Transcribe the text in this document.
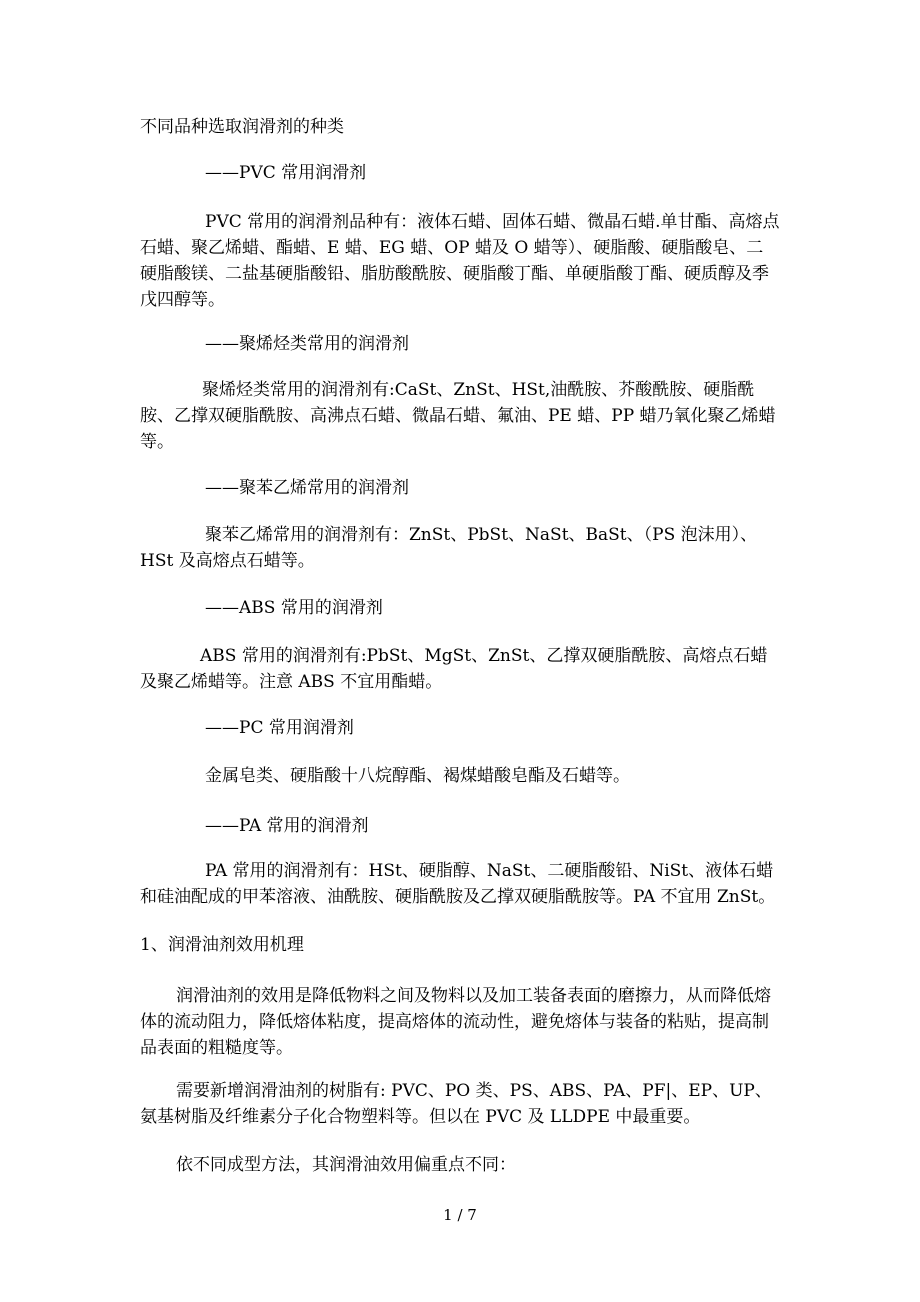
不同品种选取润滑剂的种类
——PVC 常用润滑剂
PVC 常用的润滑剂品种有：液体石蜡、固体石蜡、微晶石蜡.单甘酯、高熔点石蜡、聚乙烯蜡、酯蜡、E 蜡、EG 蜡、OP 蜡及 O 蜡等）、硬脂酸、硬脂酸皂、二硬脂酸镁、二盐基硬脂酸铅、脂肪酸酰胺、硬脂酸丁酯、单硬脂酸丁酯、硬质醇及季戊四醇等。
——聚烯烃类常用的润滑剂
聚烯烃类常用的润滑剂有:CaSt、ZnSt、HSt,油酰胺、芥酸酰胺、硬脂酰胺、乙撑双硬脂酰胺、高沸点石蜡、微晶石蜡、氟油、PE 蜡、PP 蜡乃氧化聚乙烯蜡等。
——聚苯乙烯常用的润滑剂
聚苯乙烯常用的润滑剂有：ZnSt、PbSt、NaSt、BaSt、（PS 泡沫用）、HSt 及高熔点石蜡等。
——ABS 常用的润滑剂
ABS 常用的润滑剂有:PbSt、MgSt、ZnSt、乙撑双硬脂酰胺、高熔点石蜡及聚乙烯蜡等。注意 ABS 不宜用酯蜡。
——PC 常用润滑剂
金属皂类、硬脂酸十八烷醇酯、褐煤蜡酸皂酯及石蜡等。
——PA 常用的润滑剂
PA 常用的润滑剂有：HSt、硬脂醇、NaSt、二硬脂酸铅、NiSt、液体石蜡和硅油配成的甲苯溶液、油酰胺、硬脂酰胺及乙撑双硬脂酰胺等。PA 不宜用 ZnSt。
1、润滑油剂效用机理
润滑油剂的效用是降低物料之间及物料以及加工装备表面的磨擦力，从而降低熔体的流动阻力，降低熔体粘度，提高熔体的流动性，避免熔体与装备的粘贴，提高制品表面的粗糙度等。
需要新增润滑油剂的树脂有: PVC、PO 类、PS、ABS、PA、PF|、EP、UP、氨基树脂及纤维素分子化合物塑料等。但以在 PVC 及 LLDPE 中最重要。
依不同成型方法，其润滑油效用偏重点不同：
1 / 7
